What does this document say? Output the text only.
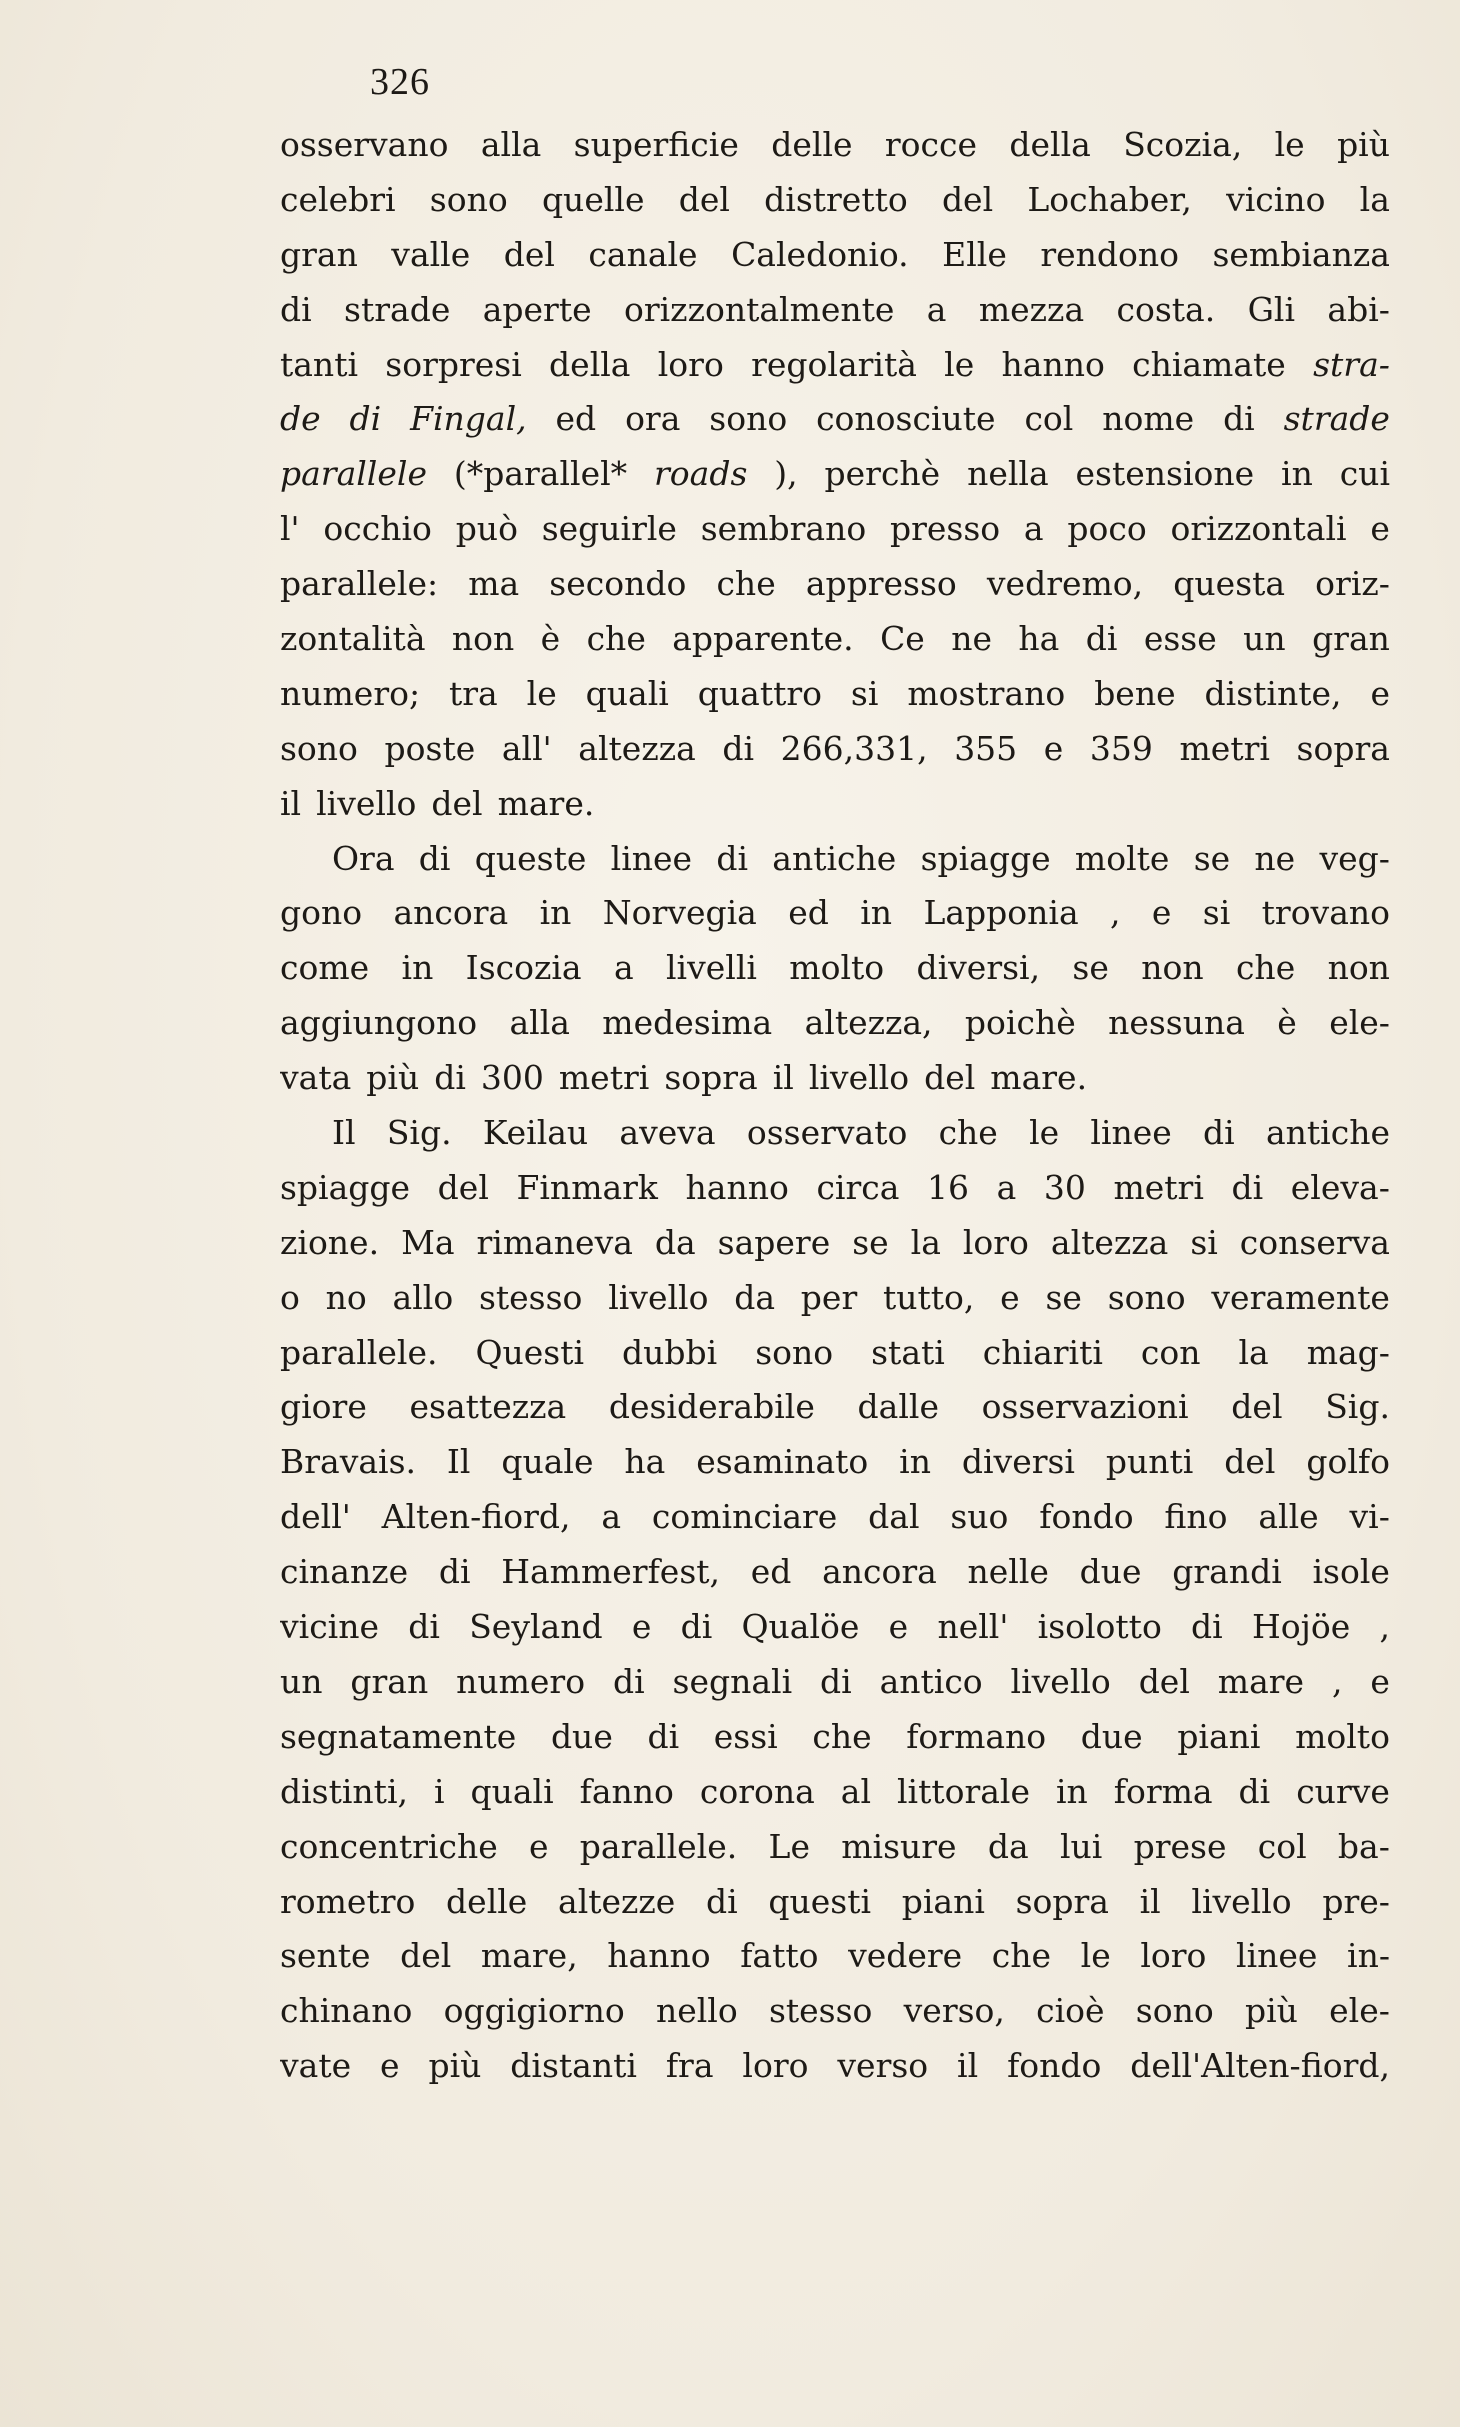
326
osservano alla superficie delle rocce della Scozia, le più
celebri sono quelle del distretto del Lochaber, vicino la
gran valle del canale Caledonio. Elle rendono sembianza
di strade aperte orizzontalmente a mezza costa. Gli abi-
tanti sorpresi della loro regolarità le hanno chiamate stra-
de di Fingal, ed ora sono conosciute col nome di strade
parallele (*parallel* roads ), perchè nella estensione in cui
l' occhio può seguirle sembrano presso a poco orizzontali e
parallele: ma secondo che appresso vedremo, questa oriz-
zontalità non è che apparente. Ce ne ha di esse un gran
numero; tra le quali quattro si mostrano bene distinte, e
sono poste all' altezza di 266,331, 355 e 359 metri sopra
il livello del mare.
Ora di queste linee di antiche spiagge molte se ne veg-
gono ancora in Norvegia ed in Lapponia , e si trovano
come in Iscozia a livelli molto diversi, se non che non
aggiungono alla medesima altezza, poichè nessuna è ele-
vata più di 300 metri sopra il livello del mare.
Il Sig. Keilau aveva osservato che le linee di antiche
spiagge del Finmark hanno circa 16 a 30 metri di eleva-
zione. Ma rimaneva da sapere se la loro altezza si conserva
o no allo stesso livello da per tutto, e se sono veramente
parallele. Questi dubbi sono stati chiariti con la mag-
giore esattezza desiderabile dalle osservazioni del Sig.
Bravais. Il quale ha esaminato in diversi punti del golfo
dell' Alten-fiord, a cominciare dal suo fondo fino alle vi-
cinanze di Hammerfest, ed ancora nelle due grandi isole
vicine di Seyland e di Qualöe e nell' isolotto di Hojöe ,
un gran numero di segnali di antico livello del mare , e
segnatamente due di essi che formano due piani molto
distinti, i quali fanno corona al littorale in forma di curve
concentriche e parallele. Le misure da lui prese col ba-
rometro delle altezze di questi piani sopra il livello pre-
sente del mare, hanno fatto vedere che le loro linee in-
chinano oggigiorno nello stesso verso, cioè sono più ele-
vate e più distanti fra loro verso il fondo dell'Alten-fiord,
